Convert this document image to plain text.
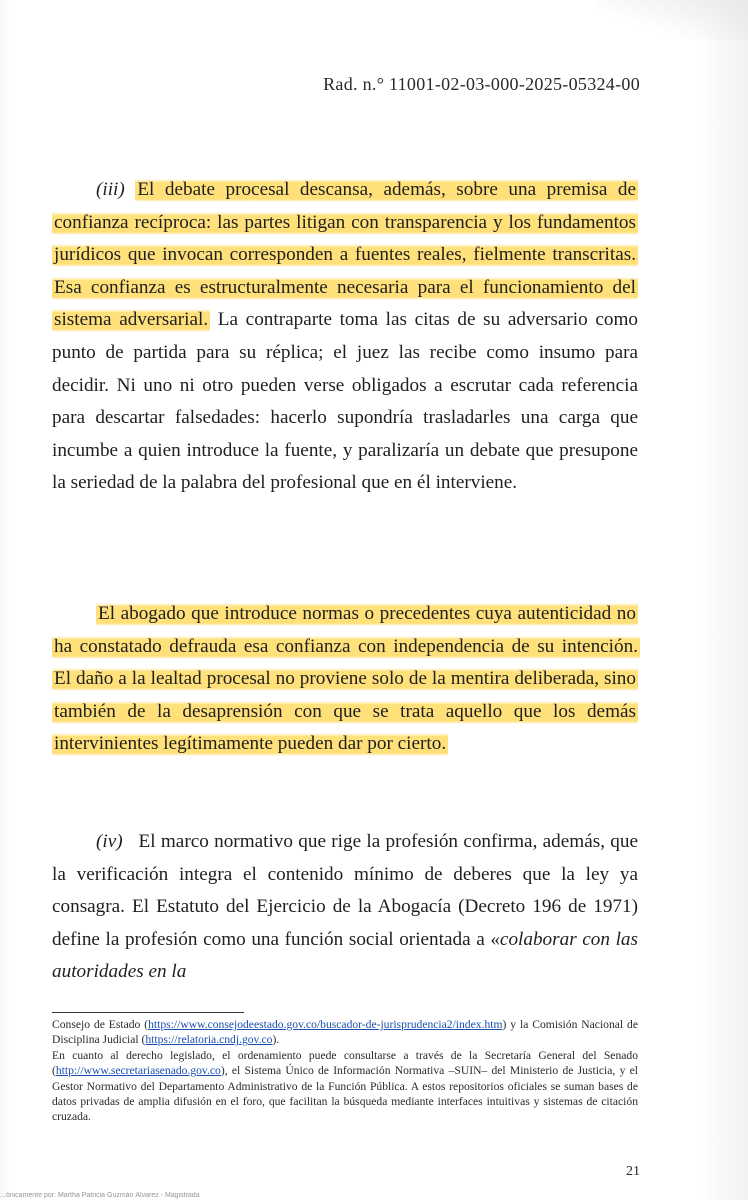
Rad. n.° 11001-02-03-000-2025-05324-00

(iii) El debate procesal descansa, además, sobre una premisa de confianza recíproca: las partes litigan con transparencia y los fundamentos jurídicos que invocan corresponden a fuentes reales, fielmente transcritas. Esa confianza es estructuralmente necesaria para el funcionamiento del sistema adversarial. La contraparte toma las citas de su adversario como punto de partida para su réplica; el juez las recibe como insumo para decidir. Ni uno ni otro pueden verse obligados a escrutar cada referencia para descartar falsedades: hacerlo supondría trasladarles una carga que incumbe a quien introduce la fuente, y paralizaría un debate que presupone la seriedad de la palabra del profesional que en él interviene.

El abogado que introduce normas o precedentes cuya autenticidad no ha constatado defrauda esa confianza con independencia de su intención. El daño a la lealtad procesal no proviene solo de la mentira deliberada, sino también de la desaprensión con que se trata aquello que los demás intervinientes legítimamente pueden dar por cierto.

(iv) El marco normativo que rige la profesión confirma, además, que la verificación integra el contenido mínimo de deberes que la ley ya consagra. El Estatuto del Ejercicio de la Abogacía (Decreto 196 de 1971) define la profesión como una función social orientada a «colaborar con las autoridades en la

Consejo de Estado (https://www.consejodeestado.gov.co/buscador-de-jurisprudencia2/index.htm) y la Comisión Nacional de Disciplina Judicial (https://relatoria.cndj.gov.co).

En cuanto al derecho legislado, el ordenamiento puede consultarse a través de la Secretaría General del Senado (http://www.secretariasenado.gov.co), el Sistema Único de Información Normativa –SUIN– del Ministerio de Justicia, y el Gestor Normativo del Departamento Administrativo de la Función Pública. A estos repositorios oficiales se suman bases de datos privadas de amplia difusión en el foro, que facilitan la búsqueda mediante interfaces intuitivas y sistemas de citación cruzada.

21
...ónicamente por: Martha Patricia Guzmán Álvarez - Magistrada
